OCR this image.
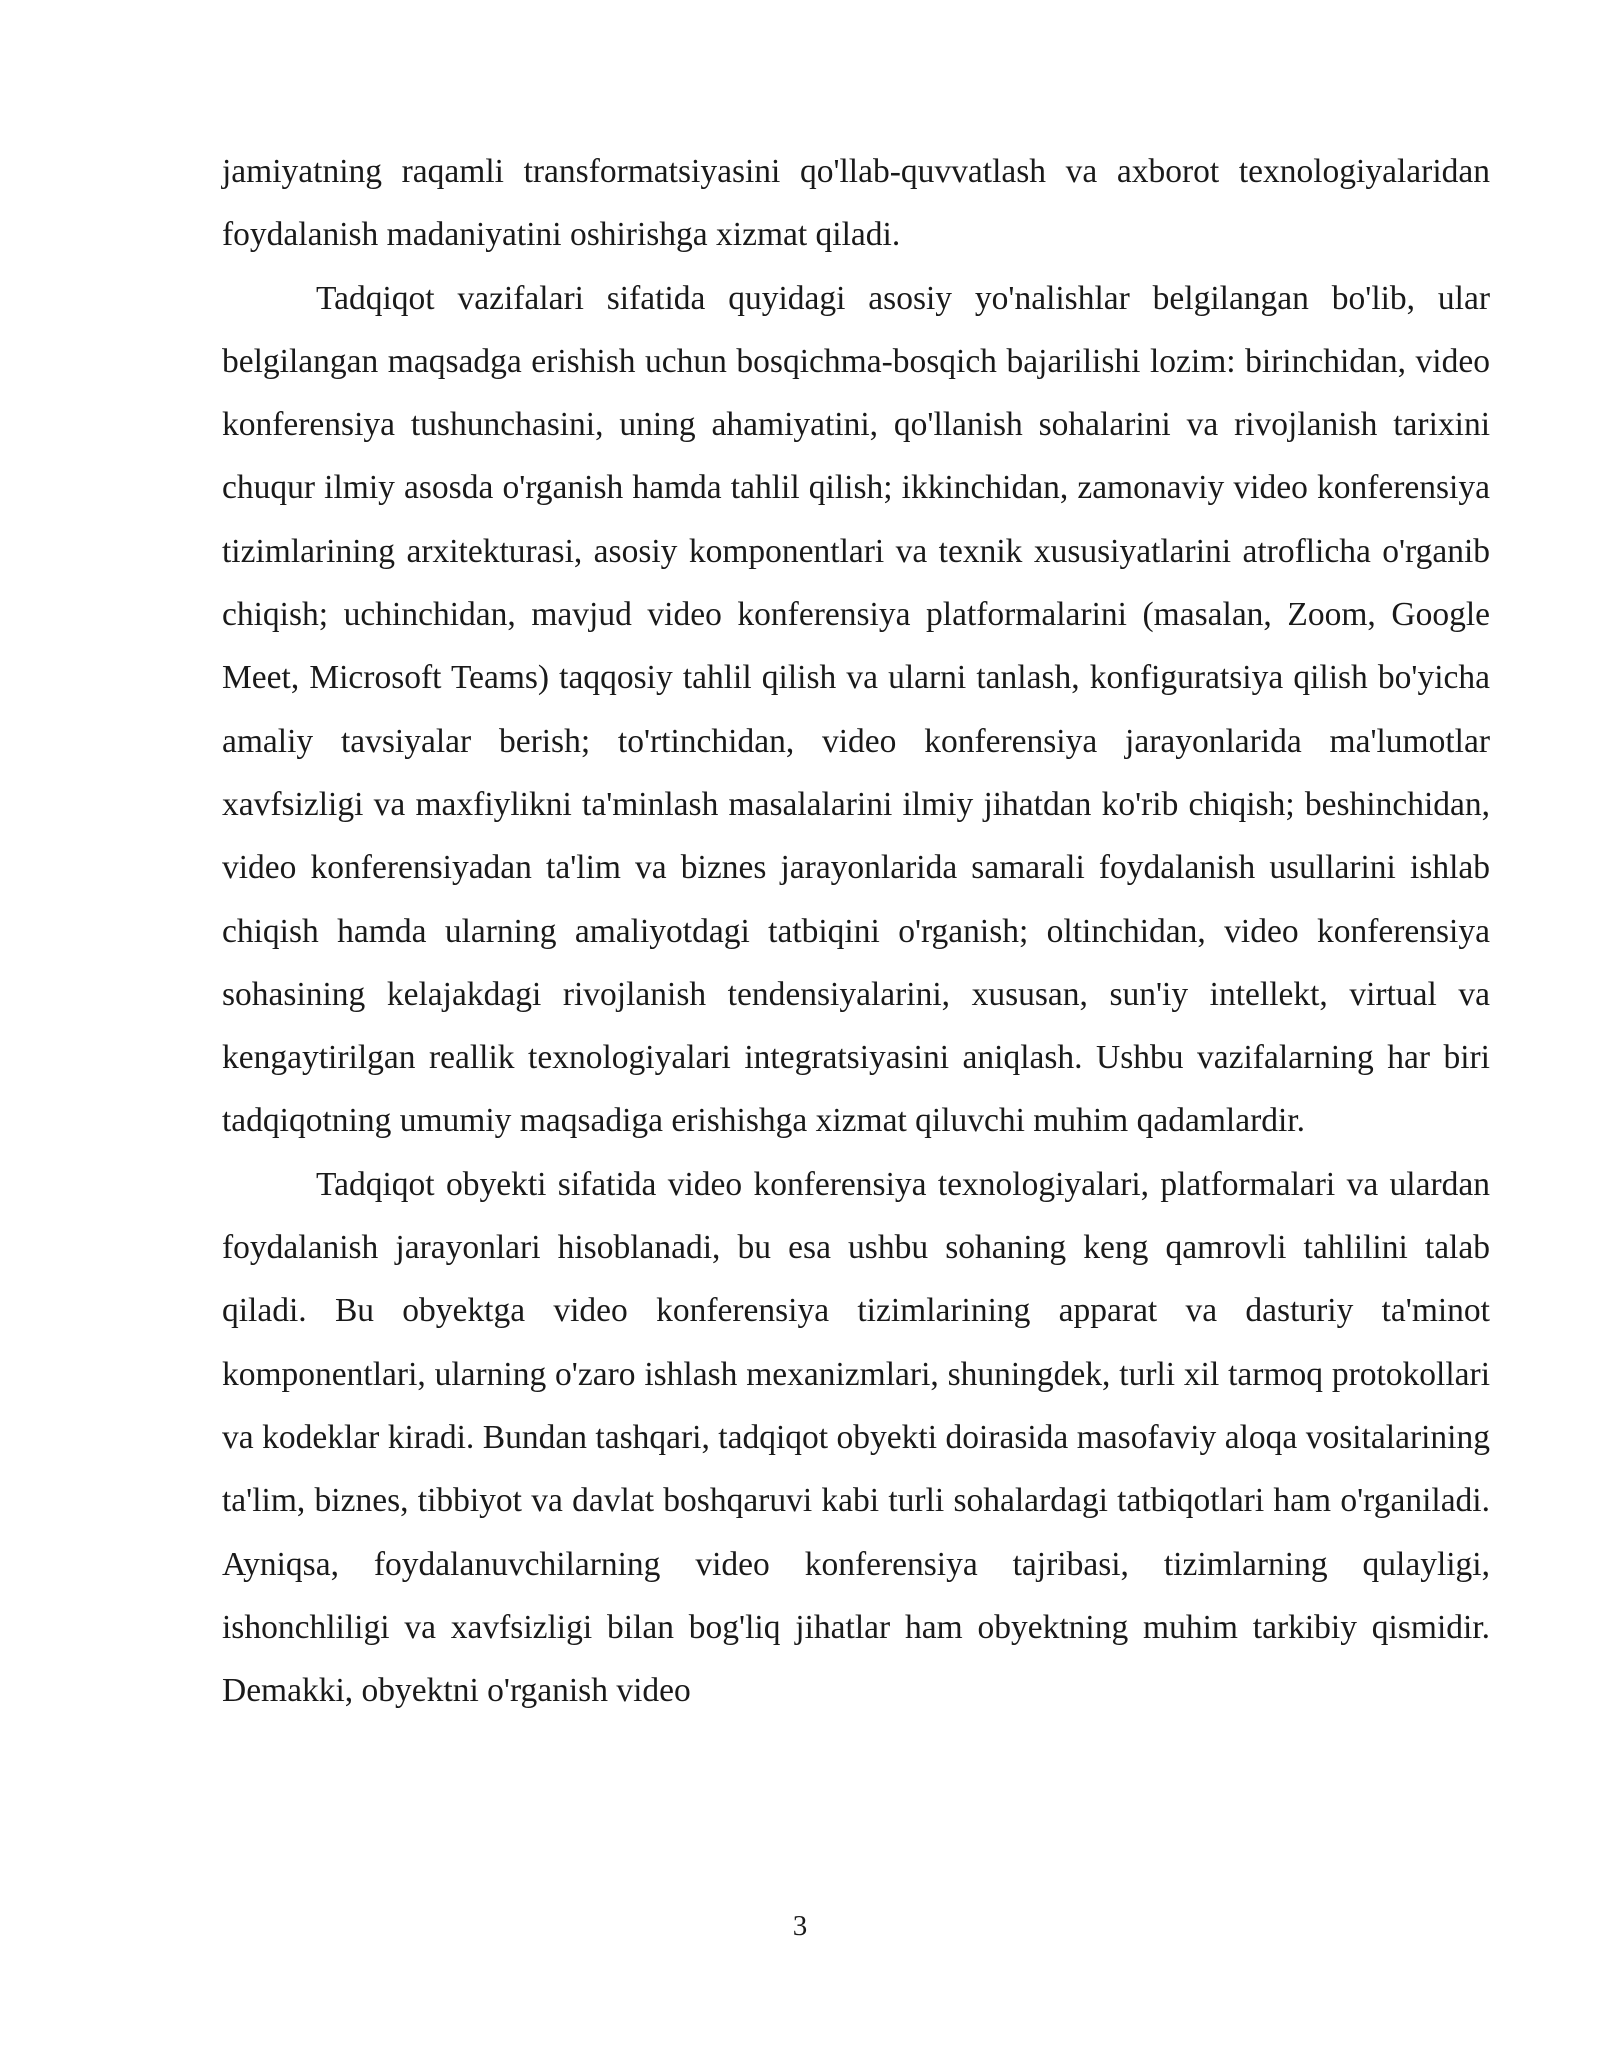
jamiyatning raqamli transformatsiyasini qo'llab-quvvatlash va axborot texnologiyalaridan foydalanish madaniyatini oshirishga xizmat qiladi.

Tadqiqot vazifalari sifatida quyidagi asosiy yo'nalishlar belgilangan bo'lib, ular belgilangan maqsadga erishish uchun bosqichma-bosqich bajarilishi lozim: birinchidan, video konferensiya tushunchasini, uning ahamiyatini, qo'llanish sohalarini va rivojlanish tarixini chuqur ilmiy asosda o'rganish hamda tahlil qilish; ikkinchidan, zamonaviy video konferensiya tizimlarining arxitekturasi, asosiy komponentlari va texnik xususiyatlarini atroflicha o'rganib chiqish; uchinchidan, mavjud video konferensiya platformalarini (masalan, Zoom, Google Meet, Microsoft Teams) taqqosiy tahlil qilish va ularni tanlash, konfiguratsiya qilish bo'yicha amaliy tavsiyalar berish; to'rtinchidan, video konferensiya jarayonlarida ma'lumotlar xavfsizligi va maxfiylikni ta'minlash masalalarini ilmiy jihatdan ko'rib chiqish; beshinchidan, video konferensiyadan ta'lim va biznes jarayonlarida samarali foydalanish usullarini ishlab chiqish hamda ularning amaliyotdagi tatbiqini o'rganish; oltinchidan, video konferensiya sohasining kelajakdagi rivojlanish tendensiyalarini, xususan, sun'iy intellekt, virtual va kengaytirilgan reallik texnologiyalari integratsiyasini aniqlash. Ushbu vazifalarning har biri tadqiqotning umumiy maqsadiga erishishga xizmat qiluvchi muhim qadamlardir.

Tadqiqot obyekti sifatida video konferensiya texnologiyalari, platformalari va ulardan foydalanish jarayonlari hisoblanadi, bu esa ushbu sohaning keng qamrovli tahlilini talab qiladi. Bu obyektga video konferensiya tizimlarining apparat va dasturiy ta'minot komponentlari, ularning o'zaro ishlash mexanizmlari, shuningdek, turli xil tarmoq protokollari va kodeklar kiradi. Bundan tashqari, tadqiqot obyekti doirasida masofaviy aloqa vositalarining ta'lim, biznes, tibbiyot va davlat boshqaruvi kabi turli sohalardagi tatbiqotlari ham o'rganiladi. Ayniqsa, foydalanuvchilarning video konferensiya tajribasi, tizimlarning qulayligi, ishonchliligi va xavfsizligi bilan bog'liq jihatlar ham obyektning muhim tarkibiy qismidir. Demakki, obyektni o'rganish video

3
